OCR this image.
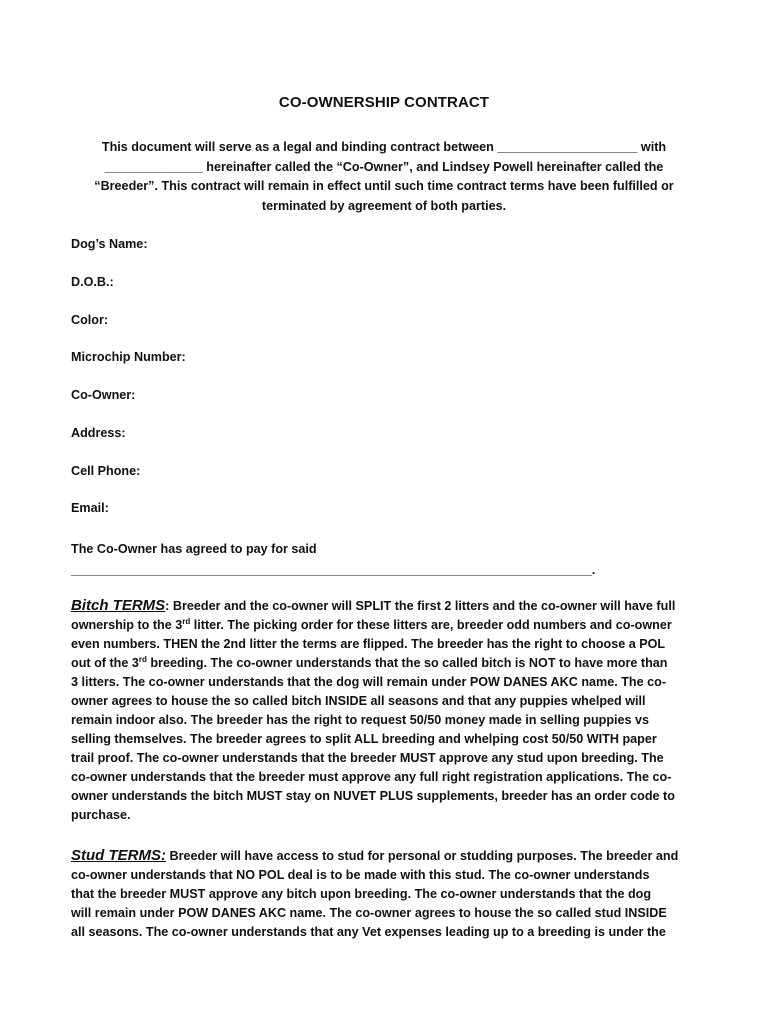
CO-OWNERSHIP CONTRACT
This document will serve as a legal and binding contract between ____________________ with
______________ hereinafter called the “Co-Owner”, and Lindsey Powell hereinafter called the
“Breeder”. This contract will remain in effect until such time contract terms have been fulfilled or
terminated by agreement of both parties.
Dog’s Name:
D.O.B.:
Color:
Microchip Number:
Co-Owner:
Address:
Cell Phone:
Email:
The Co-Owner has agreed to pay for said
____________________________________________________________________________.
Bitch TERMS: Breeder and the co-owner will SPLIT the first 2 litters and the co-owner will have full
ownership to the 3rd litter. The picking order for these litters are, breeder odd numbers and co-owner
even numbers. THEN the 2nd litter the terms are flipped. The breeder has the right to choose a POL
out of the 3rd breeding. The co-owner understands that the so called bitch is NOT to have more than
3 litters. The co-owner understands that the dog will remain under POW DANES AKC name. The co-
owner agrees to house the so called bitch INSIDE all seasons and that any puppies whelped will
remain indoor also. The breeder has the right to request 50/50 money made in selling puppies vs
selling themselves. The breeder agrees to split ALL breeding and whelping cost 50/50 WITH paper
trail proof. The co-owner understands that the breeder MUST approve any stud upon breeding. The
co-owner understands that the breeder must approve any full right registration applications. The co-
owner understands the bitch MUST stay on NUVET PLUS supplements, breeder has an order code to
purchase.
Stud TERMS: Breeder will have access to stud for personal or studding purposes. The breeder and
co-owner understands that NO POL deal is to be made with this stud. The co-owner understands
that the breeder MUST approve any bitch upon breeding. The co-owner understands that the dog
will remain under POW DANES AKC name. The co-owner agrees to house the so called stud INSIDE
all seasons. The co-owner understands that any Vet expenses leading up to a breeding is under the
